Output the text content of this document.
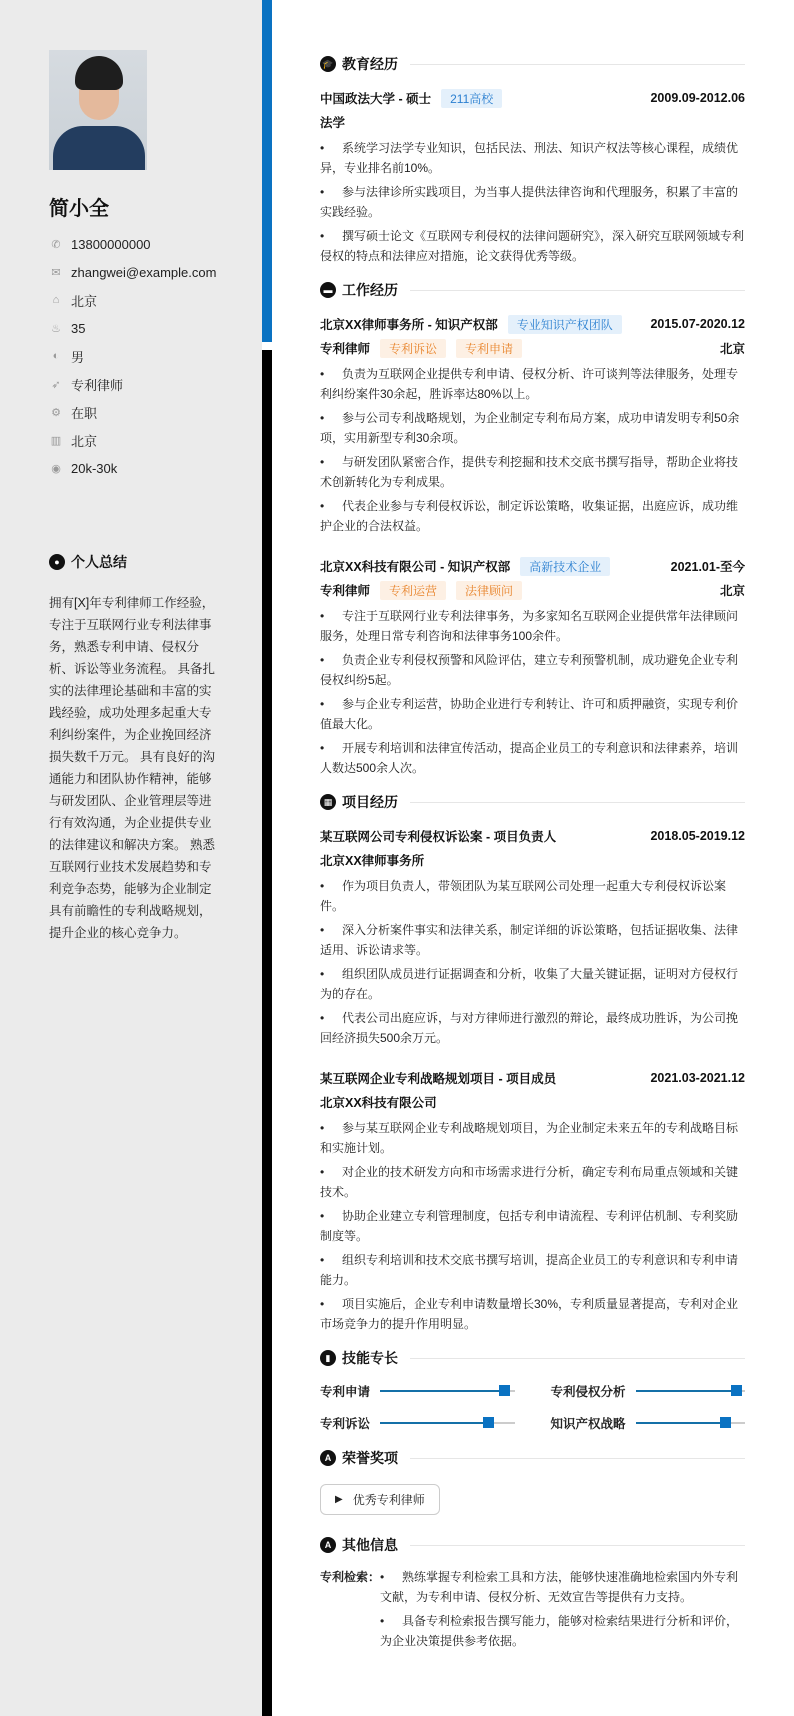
简小全
✆ 13800000000
✉ zhangwei@example.com
⌂ 北京
♨ 35
◐ 男
➶ 专利律师
⚙ 在职
▥ 北京
◉ 20k-30k
● 个人总结

拥有[X]年专利律师工作经验，专注于互联网行业专利法律事务，熟悉专利申请、侵权分析、诉讼等业务流程。 具备扎实的法律理论基础和丰富的实践经验，成功处理多起重大专利纠纷案件，为企业挽回经济损失数千万元。 具有良好的沟通能力和团队协作精神，能够与研发团队、企业管理层等进行有效沟通，为企业提供专业的法律建议和解决方案。 熟悉互联网行业技术发展趋势和专利竞争态势，能够为企业制定具有前瞻性的专利战略规划，提升企业的核心竞争力。

🎓 教育经历
中国政法大学 - 硕士	211高校	2009.09-2012.06
法学
• 系统学习法学专业知识，包括民法、刑法、知识产权法等核心课程，成绩优异，专业排名前10%。
• 参与法律诊所实践项目，为当事人提供法律咨询和代理服务，积累了丰富的实践经验。
• 撰写硕士论文《互联网专利侵权的法律问题研究》，深入研究互联网领域专利侵权的特点和法律应对措施，论文获得优秀等级。
▬ 工作经历
北京XX律师事务所 - 知识产权部	专业知识产权团队	2015.07-2020.12
专利律师	专利诉讼	专利申请	北京
• 负责为互联网企业提供专利申请、侵权分析、许可谈判等法律服务，处理专利纠纷案件30余起，胜诉率达80%以上。
• 参与公司专利战略规划，为企业制定专利布局方案，成功申请发明专利50余项，实用新型专利30余项。
• 与研发团队紧密合作，提供专利挖掘和技术交底书撰写指导，帮助企业将技术创新转化为专利成果。
• 代表企业参与专利侵权诉讼，制定诉讼策略，收集证据，出庭应诉，成功维护企业的合法权益。
北京XX科技有限公司 - 知识产权部	高新技术企业	2021.01-至今
专利律师	专利运营	法律顾问	北京
• 专注于互联网行业专利法律事务，为多家知名互联网企业提供常年法律顾问服务，处理日常专利咨询和法律事务100余件。
• 负责企业专利侵权预警和风险评估，建立专利预警机制，成功避免企业专利侵权纠纷5起。
• 参与企业专利运营，协助企业进行专利转让、许可和质押融资，实现专利价值最大化。
• 开展专利培训和法律宣传活动，提高企业员工的专利意识和法律素养，培训人数达500余人次。
▦ 项目经历
某互联网公司专利侵权诉讼案 - 项目负责人	2018.05-2019.12
北京XX律师事务所
• 作为项目负责人，带领团队为某互联网公司处理一起重大专利侵权诉讼案件。
• 深入分析案件事实和法律关系，制定详细的诉讼策略，包括证据收集、法律适用、诉讼请求等。
• 组织团队成员进行证据调查和分析，收集了大量关键证据，证明对方侵权行为的存在。
• 代表公司出庭应诉，与对方律师进行激烈的辩论，最终成功胜诉，为公司挽回经济损失500余万元。
某互联网企业专利战略规划项目 - 项目成员	2021.03-2021.12
北京XX科技有限公司
• 参与某互联网企业专利战略规划项目，为企业制定未来五年的专利战略目标和实施计划。
• 对企业的技术研发方向和市场需求进行分析，确定专利布局重点领域和关键技术。
• 协助企业建立专利管理制度，包括专利申请流程、专利评估机制、专利奖励制度等。
• 组织专利培训和技术交底书撰写培训，提高企业员工的专利意识和专利申请能力。
• 项目实施后，企业专利申请数量增长30%，专利质量显著提高，专利对企业市场竞争力的提升作用明显。
▮ 技能专长
专利申请	专利侵权分析
专利诉讼	知识产权战略
A 荣誉奖项
▶ 优秀专利律师
A 其他信息
专利检索：	• 熟练掌握专利检索工具和方法，能够快速准确地检索国内外专利文献，为专利申请、侵权分析、无效宣告等提供有力支持。
• 具备专利检索报告撰写能力，能够对检索结果进行分析和评价，为企业决策提供参考依据。
